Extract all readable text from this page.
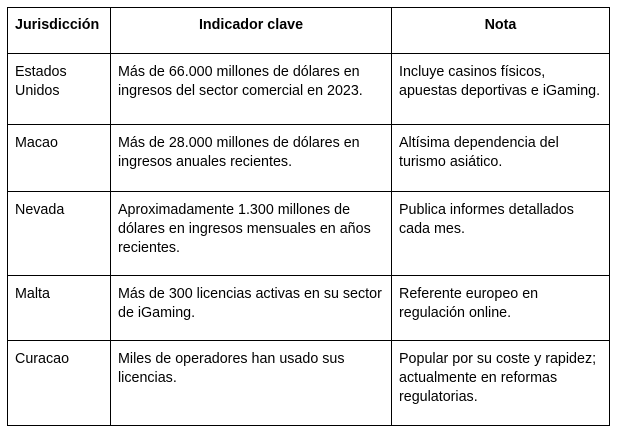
Jurisdicción	Indicador clave	Nota
Estados Unidos	Más de 66.000 millones de dólares en ingresos del sector comercial en 2023.	Incluye casinos físicos, apuestas deportivas e iGaming.
Macao	Más de 28.000 millones de dólares en ingresos anuales recientes.	Altísima dependencia del turismo asiático.
Nevada	Aproximadamente 1.300 millones de dólares en ingresos mensuales en años recientes.	Publica informes detallados cada mes.
Malta	Más de 300 licencias activas en su sector de iGaming.	Referente europeo en regulación online.
Curacao	Miles de operadores han usado sus licencias.	Popular por su coste y rapidez; actualmente en reformas regulatorias.
